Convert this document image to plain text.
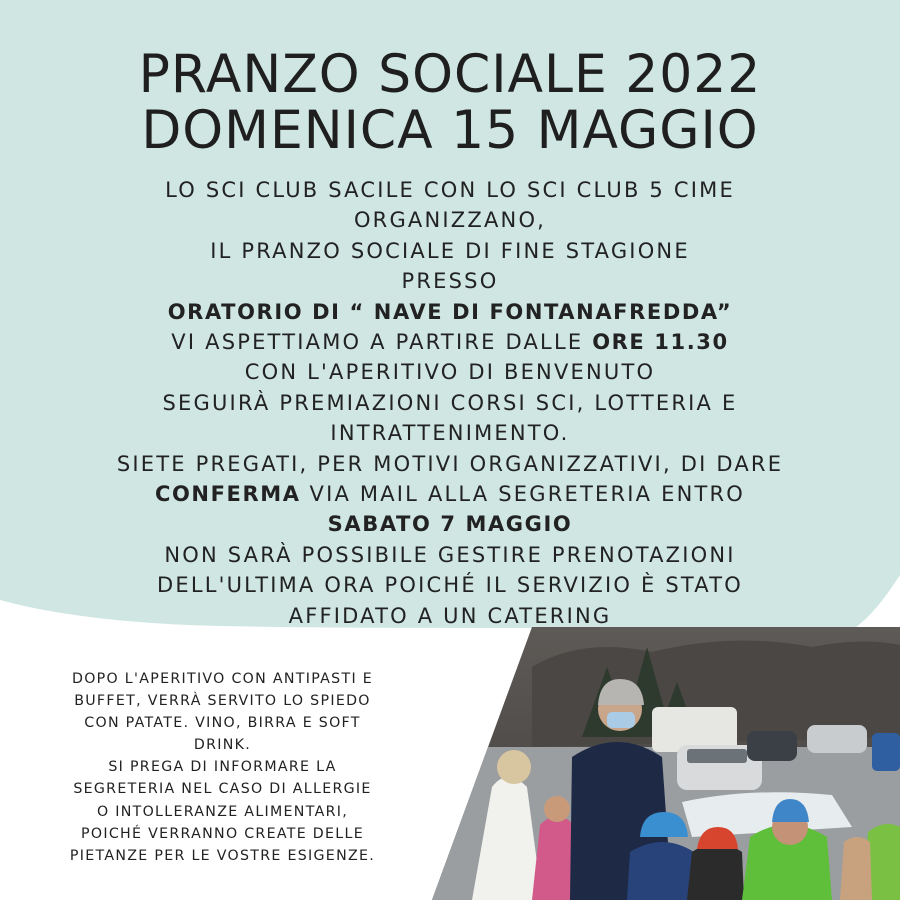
PRANZO SOCIALE 2022
DOMENICA 15 MAGGIO
LO SCI CLUB SACILE CON LO SCI CLUB 5 CIME
ORGANIZZANO,
IL PRANZO SOCIALE DI FINE STAGIONE
PRESSO
ORATORIO DI “ NAVE DI FONTANAFREDDA”
VI ASPETTIAMO A PARTIRE DALLE ORE 11.30
CON L'APERITIVO DI BENVENUTO
SEGUIRÀ PREMIAZIONI CORSI SCI, LOTTERIA E
INTRATTENIMENTO.
SIETE PREGATI, PER MOTIVI ORGANIZZATIVI, DI DARE
CONFERMA VIA MAIL ALLA SEGRETERIA ENTRO
SABATO 7 MAGGIO
NON SARÀ POSSIBILE GESTIRE PRENOTAZIONI
DELL'ULTIMA ORA POICHÉ IL SERVIZIO È STATO
AFFIDATO A UN CATERING
DOPO L'APERITIVO CON ANTIPASTI E
BUFFET, VERRÀ SERVITO LO SPIEDO
CON PATATE. VINO, BIRRA E SOFT
DRINK.
SI PREGA DI INFORMARE LA
SEGRETERIA NEL CASO DI ALLERGIE
O INTOLLERANZE ALIMENTARI,
POICHÉ VERRANNO CREATE DELLE
PIETANZE PER LE VOSTRE ESIGENZE.
